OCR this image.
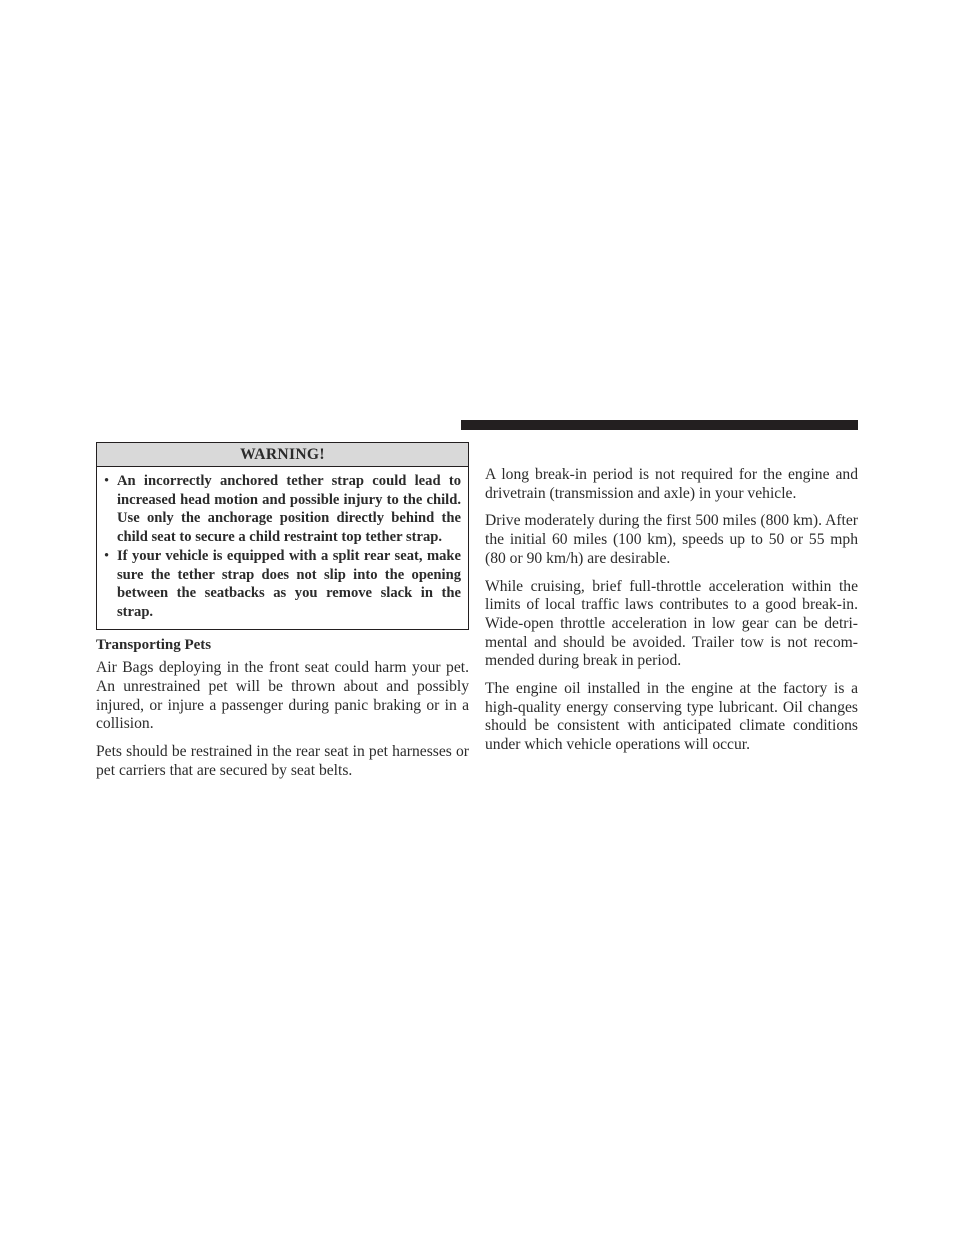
WARNING!
• An incorrectly anchored tether strap could lead to increased head motion and possible injury to the child. Use only the anchorage position directly behind the child seat to secure a child restraint top tether strap.
• If your vehicle is equipped with a split rear seat, make sure the tether strap does not slip into the opening between the seatbacks as you remove slack in the strap.
Transporting Pets

Air Bags deploying in the front seat could harm your pet. An unrestrained pet will be thrown about and possibly injured, or injure a passenger during panic braking or in a collision.

Pets should be restrained in the rear seat in pet harnesses or pet carriers that are secured by seat belts.

A long break-in period is not required for the engine and drivetrain (transmission and axle) in your vehicle.

Drive moderately during the first 500 miles (800 km). After the initial 60 miles (100 km), speeds up to 50 or 55 mph (80 or 90 km/h) are desirable.

While cruising, brief full-throttle acceleration within the limits of local traffic laws contributes to a good break-in. Wide-open throttle acceleration in low gear can be detri-mental and should be avoided. Trailer tow is not recom-mended during break in period.

The engine oil installed in the engine at the factory is a high-quality energy conserving type lubricant. Oil changes should be consistent with anticipated climate conditions under which vehicle operations will occur.
